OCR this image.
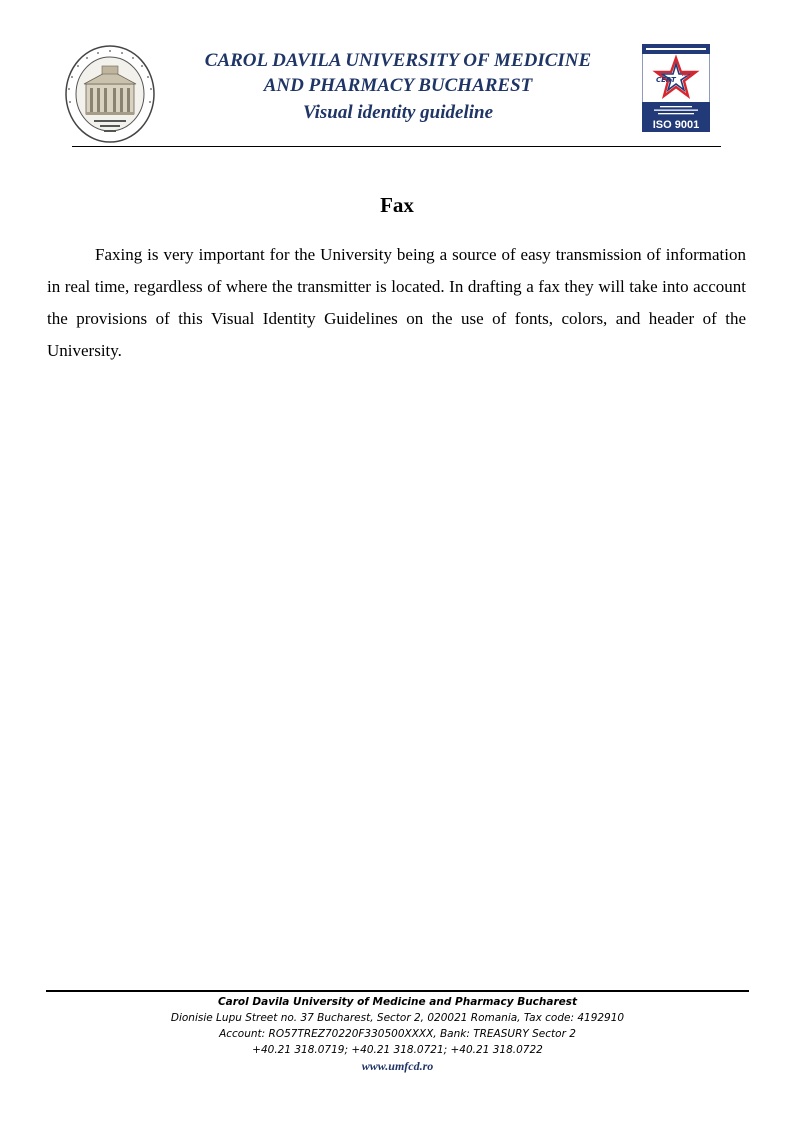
CAROL DAVILA UNIVERSITY OF MEDICINE
AND PHARMACY BUCHAREST
Visual identity guideline
CERT
IND
ISO 9001
Fax

Faxing is very important for the University being a source of easy transmission of information in real time, regardless of where the transmitter is located. In drafting a fax they will take into account the provisions of this Visual Identity Guidelines on the use of fonts, colors, and header of the University.

Carol Davila University of Medicine and Pharmacy Bucharest
Dionisie Lupu Street no. 37 Bucharest, Sector 2, 020021 Romania, Tax code: 4192910
Account: RO57TREZ70220F330500XXXX, Bank: TREASURY Sector 2
+40.21 318.0719; +40.21 318.0721; +40.21 318.0722
www.umfcd.ro
